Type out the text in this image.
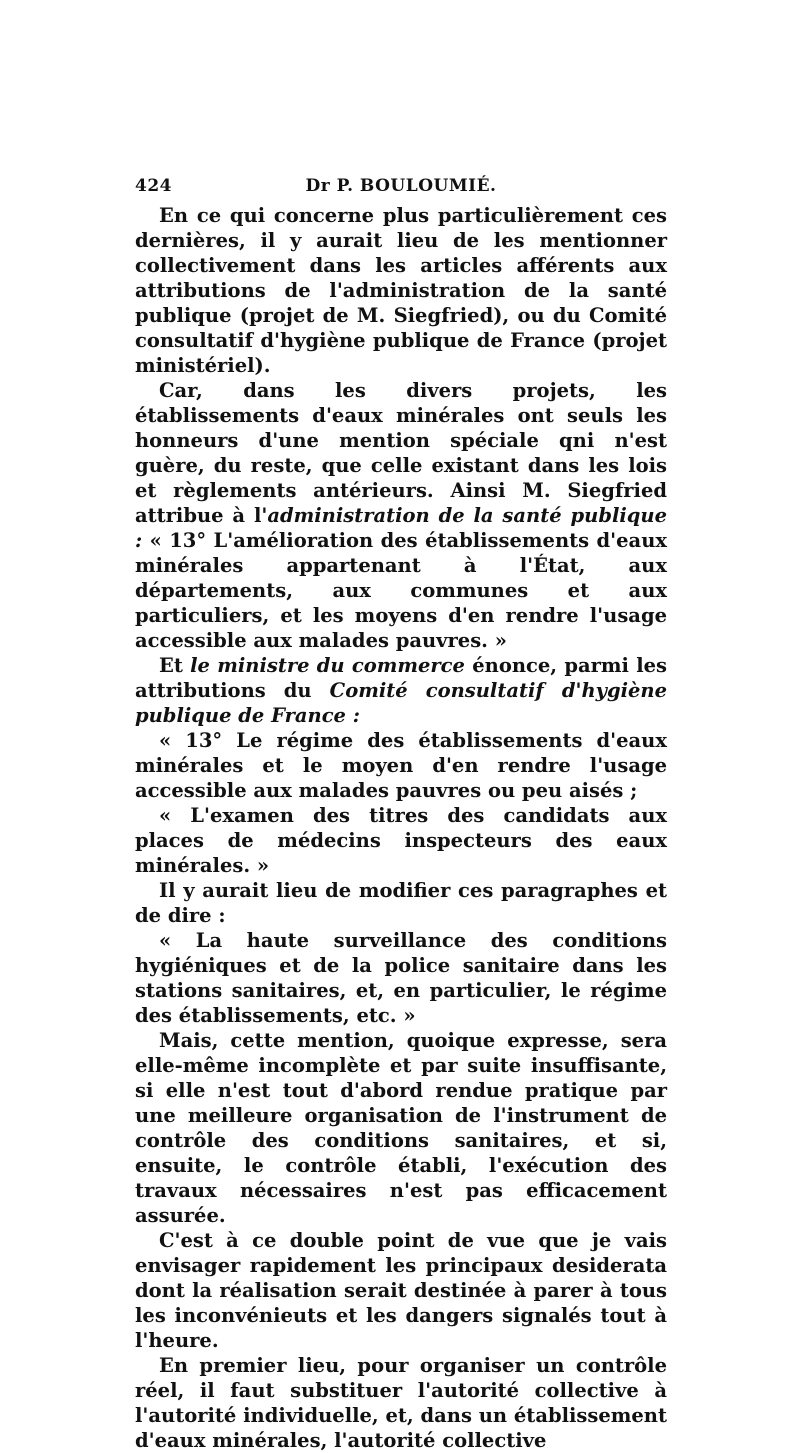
424	Dr P. BOULOUMIÉ.

En ce qui concerne plus particulièrement ces dernières, il y aurait lieu de les mentionner collectivement dans les articles afférents aux attributions de l'administration de la santé publique (projet de M. Siegfried), ou du Comité consultatif d'hygiène publique de France (projet ministériel).

Car, dans les divers projets, les établissements d'eaux minérales ont seuls les honneurs d'une mention spéciale qni n'est guère, du reste, que celle existant dans les lois et règlements antérieurs. Ainsi M. Siegfried attribue à l'administration de la santé publique : « 13° L'amélioration des établissements d'eaux minérales appartenant à l'État, aux départements, aux communes et aux particuliers, et les moyens d'en rendre l'usage accessible aux malades pauvres. »

Et le ministre du commerce énonce, parmi les attributions du Comité consultatif d'hygiène publique de France :

« 13° Le régime des établissements d'eaux minérales et le moyen d'en rendre l'usage accessible aux malades pauvres ou peu aisés ;

« L'examen des titres des candidats aux places de médecins inspecteurs des eaux minérales. »

Il y aurait lieu de modifier ces paragraphes et de dire :

« La haute surveillance des conditions hygiéniques et de la police sanitaire dans les stations sanitaires, et, en particulier, le régime des établissements, etc. »

Mais, cette mention, quoique expresse, sera elle-même incomplète et par suite insuffisante, si elle n'est tout d'abord rendue pratique par une meilleure organisation de l'instrument de contrôle des conditions sanitaires, et si, ensuite, le contrôle établi, l'exécution des travaux nécessaires n'est pas efficacement assurée.

C'est à ce double point de vue que je vais envisager rapidement les principaux desiderata dont la réalisation serait destinée à parer à tous les inconvénieuts et les dangers signalés tout à l'heure.

En premier lieu, pour organiser un contrôle réel, il faut substituer l'autorité collective à l'autorité individuelle, et, dans un établissement d'eaux minérales, l'autorité collective
